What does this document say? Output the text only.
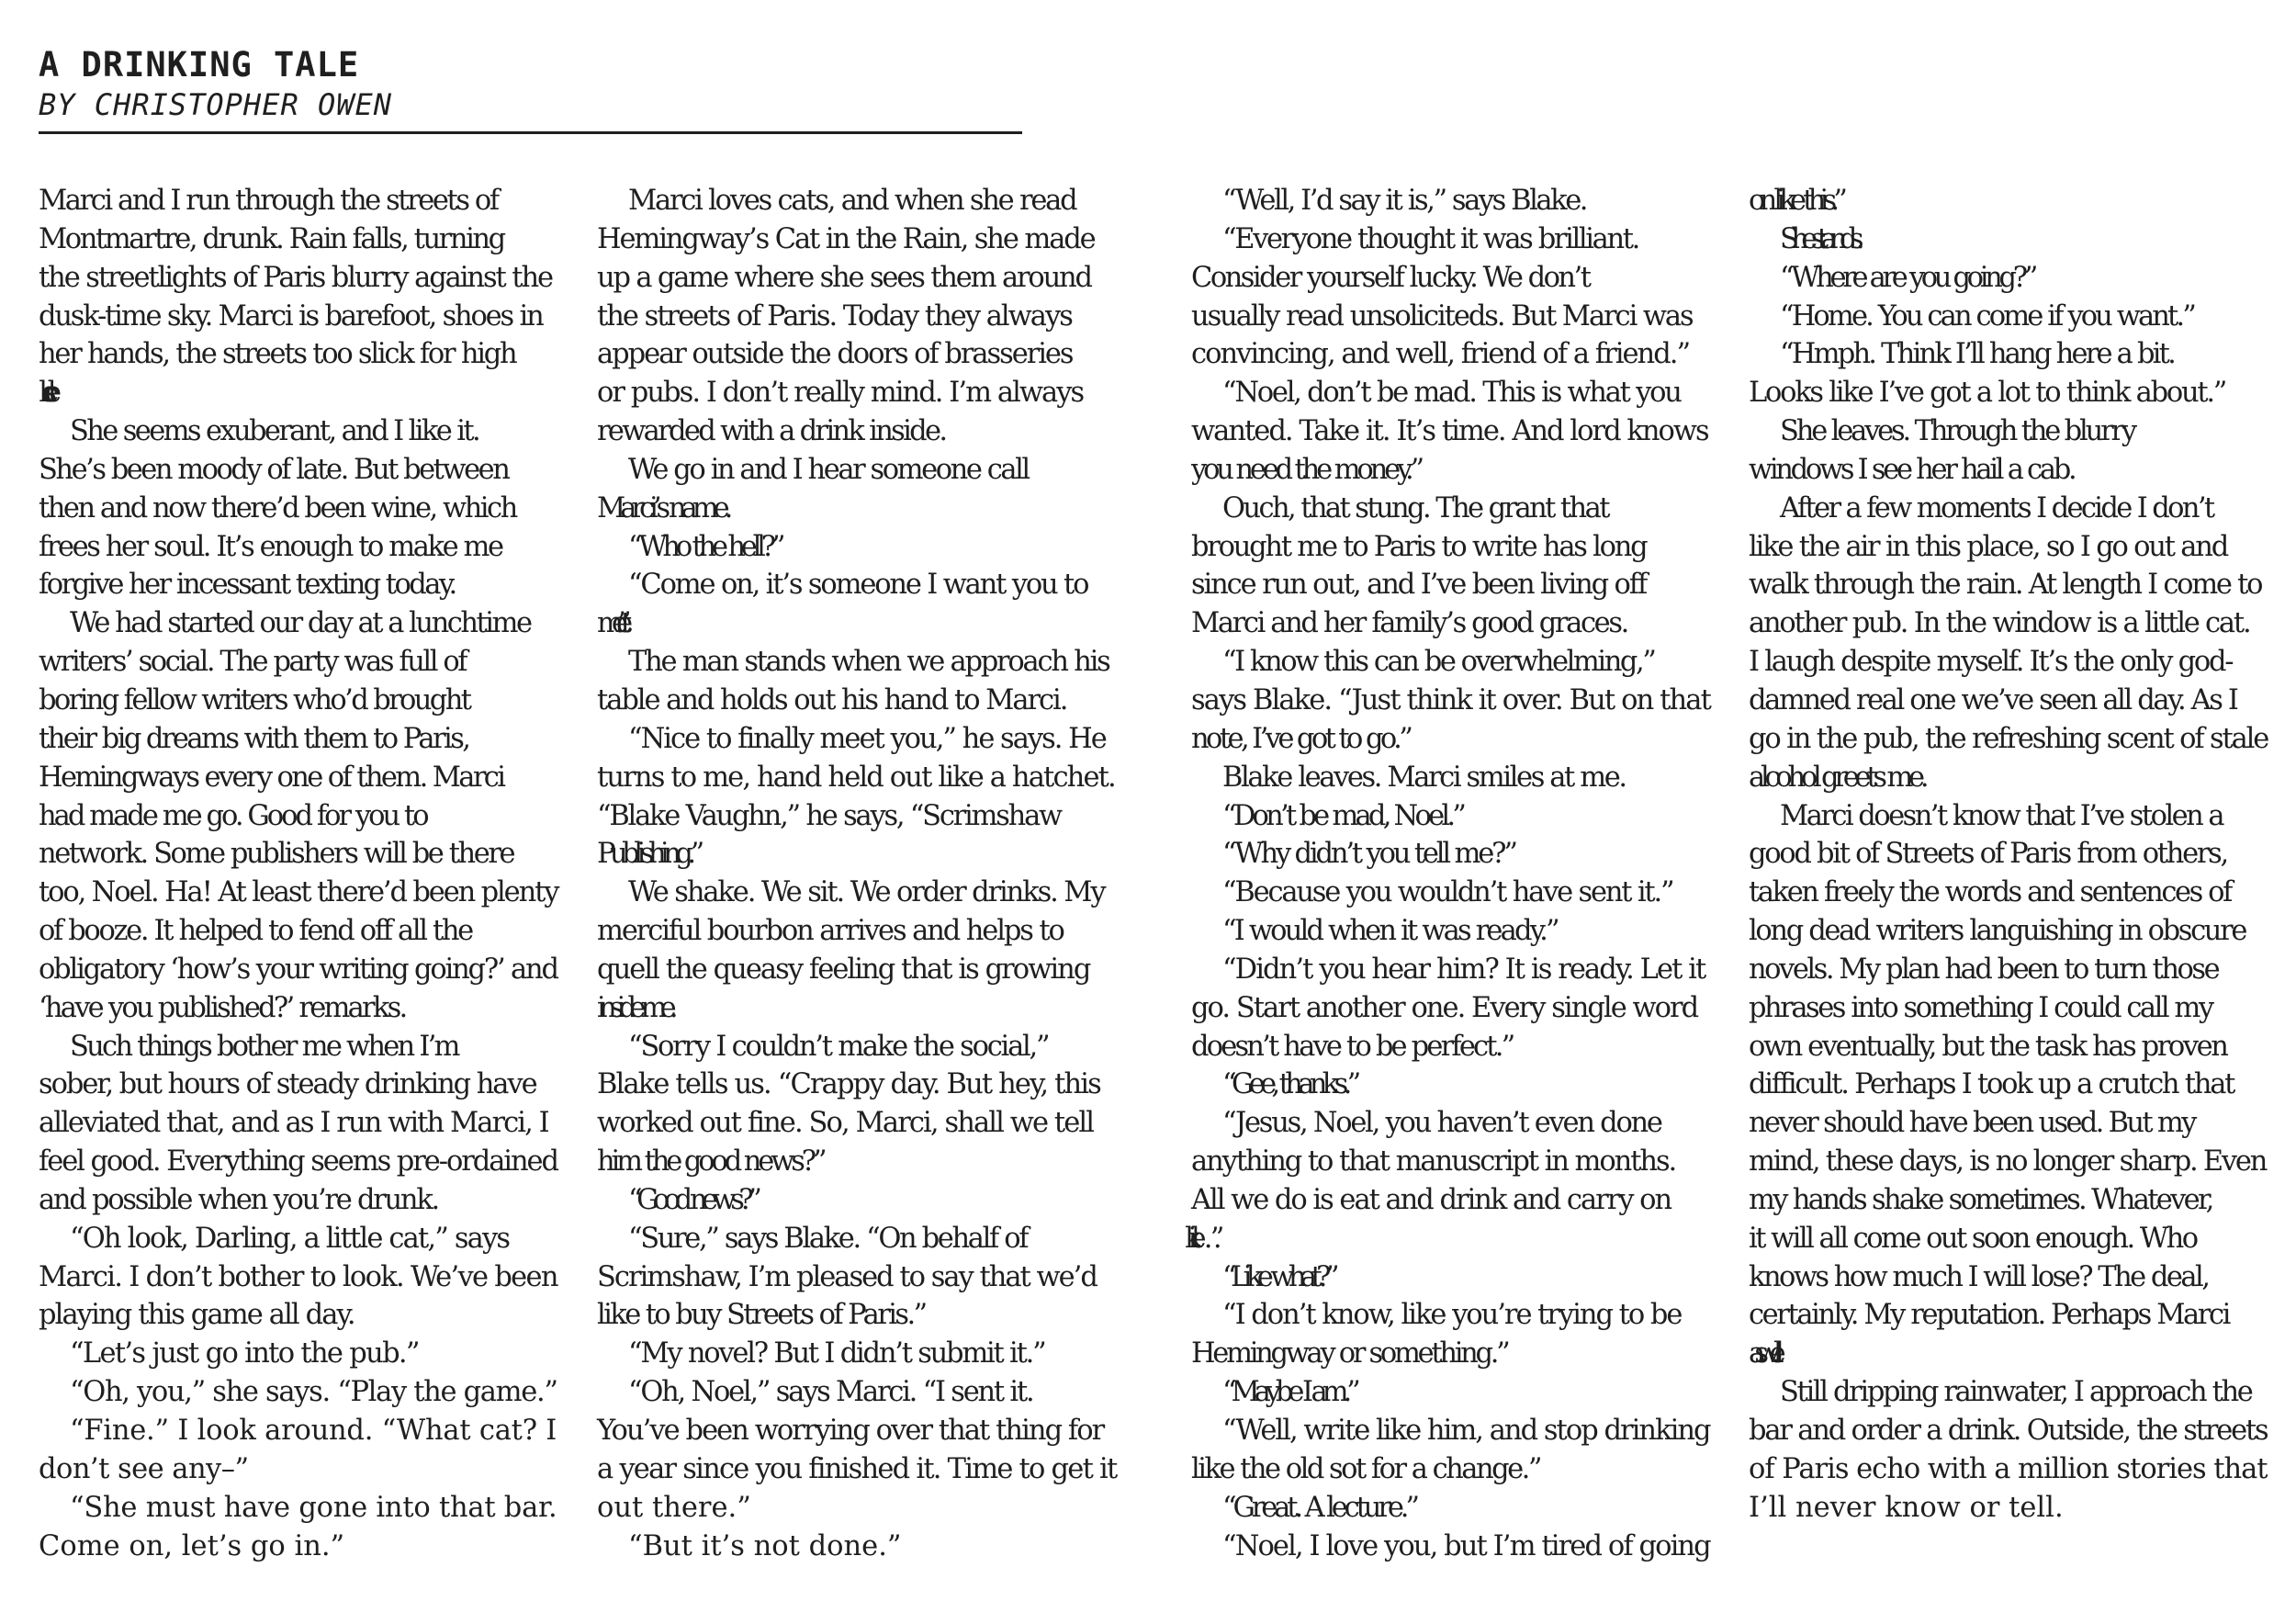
A DRINKING TALE

BY CHRISTOPHER OWEN

Marci and I run through the streets of
Montmartre, drunk. Rain falls, turning
the streetlights of Paris blurry against the
dusk-time sky. Marci is barefoot, shoes in
her hands, the streets too slick for high
She seems exuberant, and I like it.
She’s been moody of late. But between
then and now there’d been wine, which
frees her soul. It’s enough to make me
forgive her incessant texting today.
We had started our day at a lunchtime
writers’ social. The party was full of
boring fellow writers who’d brought
their big dreams with them to Paris,
Hemingways every one of them. Marci
had made me go. Good for you to
network. Some publishers will be there
too, Noel. Ha! At least there’d been plenty
of booze. It helped to fend off all the
obligatory ‘how’s your writing going?’ and
‘have you published?’ remarks.
Such things bother me when I’m
sober, but hours of steady drinking have
alleviated that, and as I run with Marci, I
feel good. Everything seems pre-ordained
and possible when you’re drunk.
“Oh look, Darling, a little cat,” says
Marci. I don’t bother to look. We’ve been
playing this game all day.
“Let’s just go into the pub.”
“Oh, you,” she says. “Play the game.”
“Fine.” I look around. “What cat? I
don’t see any–”
“She must have gone into that bar.
Come on, let’s go in.”
Marci loves cats, and when she read
Hemingway’s Cat in the Rain, she made
up a game where she sees them around
the streets of Paris. Today they always
appear outside the doors of brasseries
or pubs. I don’t really mind. I’m always
rewarded with a drink inside.
We go in and I hear someone call
Marci’s name.
“Who the hell?”
“Come on, it’s someone I want you to
meet.”
The man stands when we approach his
table and holds out his hand to Marci.
“Nice to finally meet you,” he says. He
turns to me, hand held out like a hatchet.
“Blake Vaughn,” he says, “Scrimshaw
Publishing.”
We shake. We sit. We order drinks. My
merciful bourbon arrives and helps to
quell the queasy feeling that is growing
inside me.
“Sorry I couldn’t make the social,”
Blake tells us. “Crappy day. But hey, this
worked out fine. So, Marci, shall we tell
him the good news?”
“Good news?”
“Sure,” says Blake. “On behalf of
Scrimshaw, I’m pleased to say that we’d
like to buy Streets of Paris.”
“My novel? But I didn’t submit it.”
“Oh, Noel,” says Marci. “I sent it.
You’ve been worrying over that thing for
a year since you finished it. Time to get it
out there.”
“But it’s not done.”
“Well, I’d say it is,” says Blake.
“Everyone thought it was brilliant.
Consider yourself lucky. We don’t
usually read unsoliciteds. But Marci was
convincing, and well, friend of a friend.”
“Noel, don’t be mad. This is what you
wanted. Take it. It’s time. And lord knows
you need the money.”
Ouch, that stung. The grant that
brought me to Paris to write has long
since run out, and I’ve been living off
Marci and her family’s good graces.
“I know this can be overwhelming,”
says Blake. “Just think it over. But on that
note, I’ve got to go.”
Blake leaves. Marci smiles at me.
“Don’t be mad, Noel.”
“Why didn’t you tell me?”
“Because you wouldn’t have sent it.”
“I would when it was ready.”
“Didn’t you hear him? It is ready. Let it
go. Start another one. Every single word
doesn’t have to be perfect.”
“Gee, thanks.”
“Jesus, Noel, you haven’t even done
anything to that manuscript in months.
All we do is eat and drink and carry on
like…”
“Like what?”
“I don’t know, like you’re trying to be
Hemingway or something.”
“Maybe I am.”
“Well, write like him, and stop drinking
like the old sot for a change.”
“Great. A lecture.”
“Noel, I love you, but I’m tired of going
on like this.”
She stands.
“Where are you going?”
“Home. You can come if you want.”
“Hmph. Think I’ll hang here a bit.
Looks like I’ve got a lot to think about.”
She leaves. Through the blurry
windows I see her hail a cab.
After a few moments I decide I don’t
like the air in this place, so I go out and
walk through the rain. At length I come to
another pub. In the window is a little cat.
I laugh despite myself. It’s the only god-
damned real one we’ve seen all day. As I
go in the pub, the refreshing scent of stale
alcohol greets me.
Marci doesn’t know that I’ve stolen a
good bit of Streets of Paris from others,
taken freely the words and sentences of
long dead writers languishing in obscure
novels. My plan had been to turn those
phrases into something I could call my
own eventually, but the task has proven
difficult. Perhaps I took up a crutch that
never should have been used. But my
mind, these days, is no longer sharp. Even
my hands shake sometimes. Whatever,
it will all come out soon enough. Who
knows how much I will lose? The deal,
certainly. My reputation. Perhaps Marci
as well.
Still dripping rainwater, I approach the
bar and order a drink. Outside, the streets
of Paris echo with a million stories that
I’ll never know or tell.
